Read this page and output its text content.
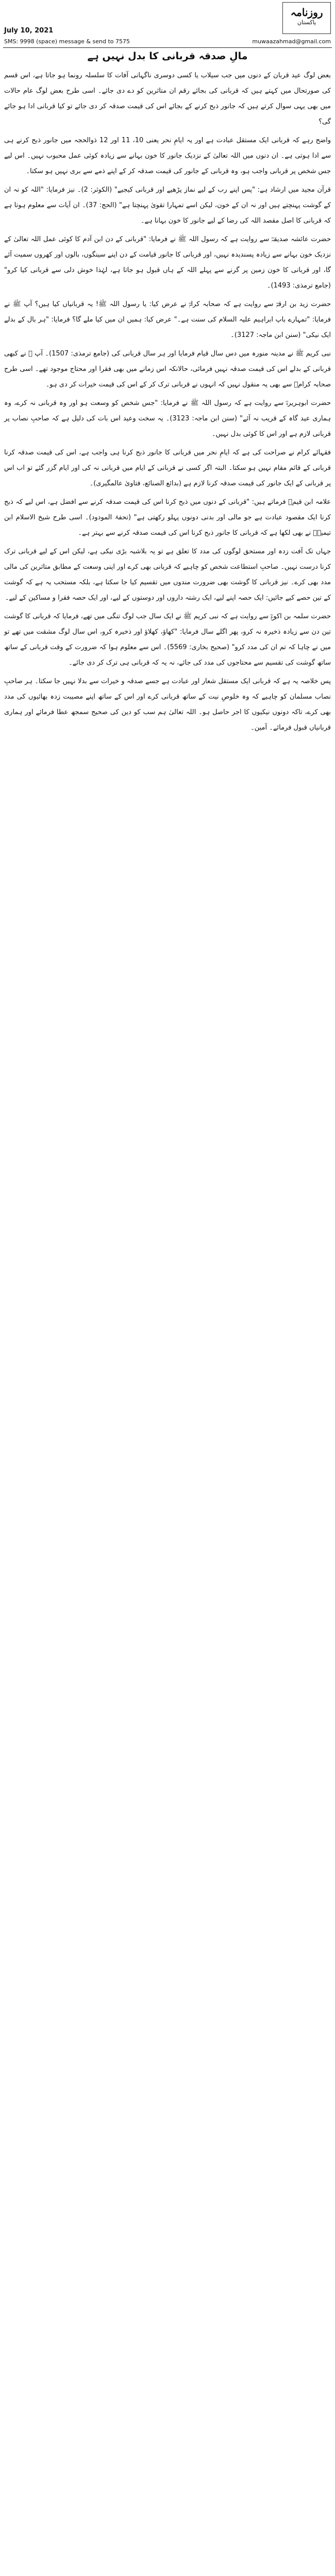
روزنامہ
پاکستان
July 10, 2021
SMS: 9998 (space) message & send to 7575	muwaazahmad@gmail.com
مالِ صدقہ قربانی کا بدل نہیں ہے

بعض لوگ عید قربان کے دنوں میں جب سیلاب یا کسی دوسری ناگہانی آفات کا سلسلہ رونما ہو جاتا ہے، اس قسم کی صورتحال میں کہتے ہیں کہ قربانی کی بجائے رقم ان متاثرین کو دے دی جائے۔ اسی طرح بعض لوگ عام حالات میں بھی یہی سوال کرتے ہیں کہ جانور ذبح کرنے کے بجائے اس کی قیمت صدقہ کر دی جائے تو کیا قربانی ادا ہو جائے گی؟

واضح رہے کہ قربانی ایک مستقل عبادت ہے اور یہ ایامِ نحر یعنی 10، 11 اور 12 ذوالحجہ میں جانور ذبح کرنے ہی سے ادا ہوتی ہے۔ ان دنوں میں اللہ تعالیٰ کے نزدیک جانور کا خون بہانے سے زیادہ کوئی عمل محبوب نہیں۔ اس لیے جس شخص پر قربانی واجب ہو، وہ قربانی کے جانور کی قیمت صدقہ کر کے اپنے ذمے سے بری نہیں ہو سکتا۔

قرآن مجید میں ارشاد ہے: "پس اپنے رب کے لیے نماز پڑھیے اور قربانی کیجیے" (الکوثر: 2)۔ نیز فرمایا: "اللہ کو نہ ان کے گوشت پہنچتے ہیں اور نہ ان کے خون، لیکن اسے تمہارا تقویٰ پہنچتا ہے" (الحج: 37)۔ ان آیات سے معلوم ہوتا ہے کہ قربانی کا اصل مقصد اللہ کی رضا کے لیے جانور کا خون بہانا ہے۔

حضرت عائشہ صدیقہؓ سے روایت ہے کہ رسول اللہ ﷺ نے فرمایا: "قربانی کے دن ابن آدم کا کوئی عمل اللہ تعالیٰ کے نزدیک خون بہانے سے زیادہ پسندیدہ نہیں، اور قربانی کا جانور قیامت کے دن اپنے سینگوں، بالوں اور کھروں سمیت آئے گا، اور قربانی کا خون زمین پر گرنے سے پہلے اللہ کے ہاں قبول ہو جاتا ہے، لہٰذا خوش دلی سے قربانی کیا کرو" (جامع ترمذی: 1493)۔

حضرت زید بن ارقمؓ سے روایت ہے کہ صحابہ کرامؓ نے عرض کیا: یا رسول اللہ ﷺ! یہ قربانیاں کیا ہیں؟ آپ ﷺ نے فرمایا: "تمہارے باپ ابراہیم علیہ السلام کی سنت ہے۔" عرض کیا: ہمیں ان میں کیا ملے گا؟ فرمایا: "ہر بال کے بدلے ایک نیکی" (سنن ابن ماجہ: 3127)۔

نبی کریم ﷺ نے مدینہ منورہ میں دس سال قیام فرمایا اور ہر سال قربانی کی (جامع ترمذی: 1507)۔ آپ ﷺ نے کبھی قربانی کے بدلے اس کی قیمت صدقہ نہیں فرمائی، حالانکہ اس زمانے میں بھی فقرا اور محتاج موجود تھے۔ اسی طرح صحابہ کرامؓ سے بھی یہ منقول نہیں کہ انہوں نے قربانی ترک کر کے اس کی قیمت خیرات کر دی ہو۔

حضرت ابوہریرہؓ سے روایت ہے کہ رسول اللہ ﷺ نے فرمایا: "جس شخص کو وسعت ہو اور وہ قربانی نہ کرے، وہ ہماری عید گاہ کے قریب نہ آئے" (سنن ابن ماجہ: 3123)۔ یہ سخت وعید اس بات کی دلیل ہے کہ صاحبِ نصاب پر قربانی لازم ہے اور اس کا کوئی بدل نہیں۔

فقہائے کرام نے صراحت کی ہے کہ ایامِ نحر میں قربانی کا جانور ذبح کرنا ہی واجب ہے، اس کی قیمت صدقہ کرنا قربانی کے قائم مقام نہیں ہو سکتا۔ البتہ اگر کسی نے قربانی کے ایام میں قربانی نہ کی اور ایام گزر گئے تو اب اس پر قربانی کے ایک جانور کی قیمت صدقہ کرنا لازم ہے (بدائع الصنائع، فتاویٰ عالمگیری)۔

علامہ ابن قیمؒ فرماتے ہیں: "قربانی کے دنوں میں ذبح کرنا اس کی قیمت صدقہ کرنے سے افضل ہے، اس لیے کہ ذبح کرنا ایک مقصود عبادت ہے جو مالی اور بدنی دونوں پہلو رکھتی ہے" (تحفۃ المودود)۔ اسی طرح شیخ الاسلام ابن تیمیہؒ نے بھی لکھا ہے کہ قربانی کا جانور ذبح کرنا اس کی قیمت صدقہ کرنے سے بہتر ہے۔

جہاں تک آفت زدہ اور مستحق لوگوں کی مدد کا تعلق ہے تو یہ بلاشبہ بڑی نیکی ہے، لیکن اس کے لیے قربانی ترک کرنا درست نہیں۔ صاحبِ استطاعت شخص کو چاہیے کہ قربانی بھی کرے اور اپنی وسعت کے مطابق متاثرین کی مالی مدد بھی کرے۔ نیز قربانی کا گوشت بھی ضرورت مندوں میں تقسیم کیا جا سکتا ہے، بلکہ مستحب یہ ہے کہ گوشت کے تین حصے کیے جائیں: ایک حصہ اپنے لیے، ایک رشتہ داروں اور دوستوں کے لیے، اور ایک حصہ فقرا و مساکین کے لیے۔

حضرت سلمہ بن اکوعؓ سے روایت ہے کہ نبی کریم ﷺ نے ایک سال جب لوگ تنگی میں تھے، فرمایا کہ قربانی کا گوشت تین دن سے زیادہ ذخیرہ نہ کرو، پھر اگلے سال فرمایا: "کھاؤ، کھلاؤ اور ذخیرہ کرو، اس سال لوگ مشقت میں تھے تو میں نے چاہا کہ تم ان کی مدد کرو" (صحیح بخاری: 5569)۔ اس سے معلوم ہوا کہ ضرورت کے وقت قربانی کے ساتھ ساتھ گوشت کی تقسیم سے محتاجوں کی مدد کی جائے، نہ یہ کہ قربانی ہی ترک کر دی جائے۔

پس خلاصہ یہ ہے کہ قربانی ایک مستقل شعار اور عبادت ہے جسے صدقہ و خیرات سے بدلا نہیں جا سکتا۔ ہر صاحبِ نصاب مسلمان کو چاہیے کہ وہ خلوصِ نیت کے ساتھ قربانی کرے اور اس کے ساتھ اپنے مصیبت زدہ بھائیوں کی مدد بھی کرے، تاکہ دونوں نیکیوں کا اجر حاصل ہو۔ اللہ تعالیٰ ہم سب کو دین کی صحیح سمجھ عطا فرمائے اور ہماری قربانیاں قبول فرمائے۔ آمین۔
